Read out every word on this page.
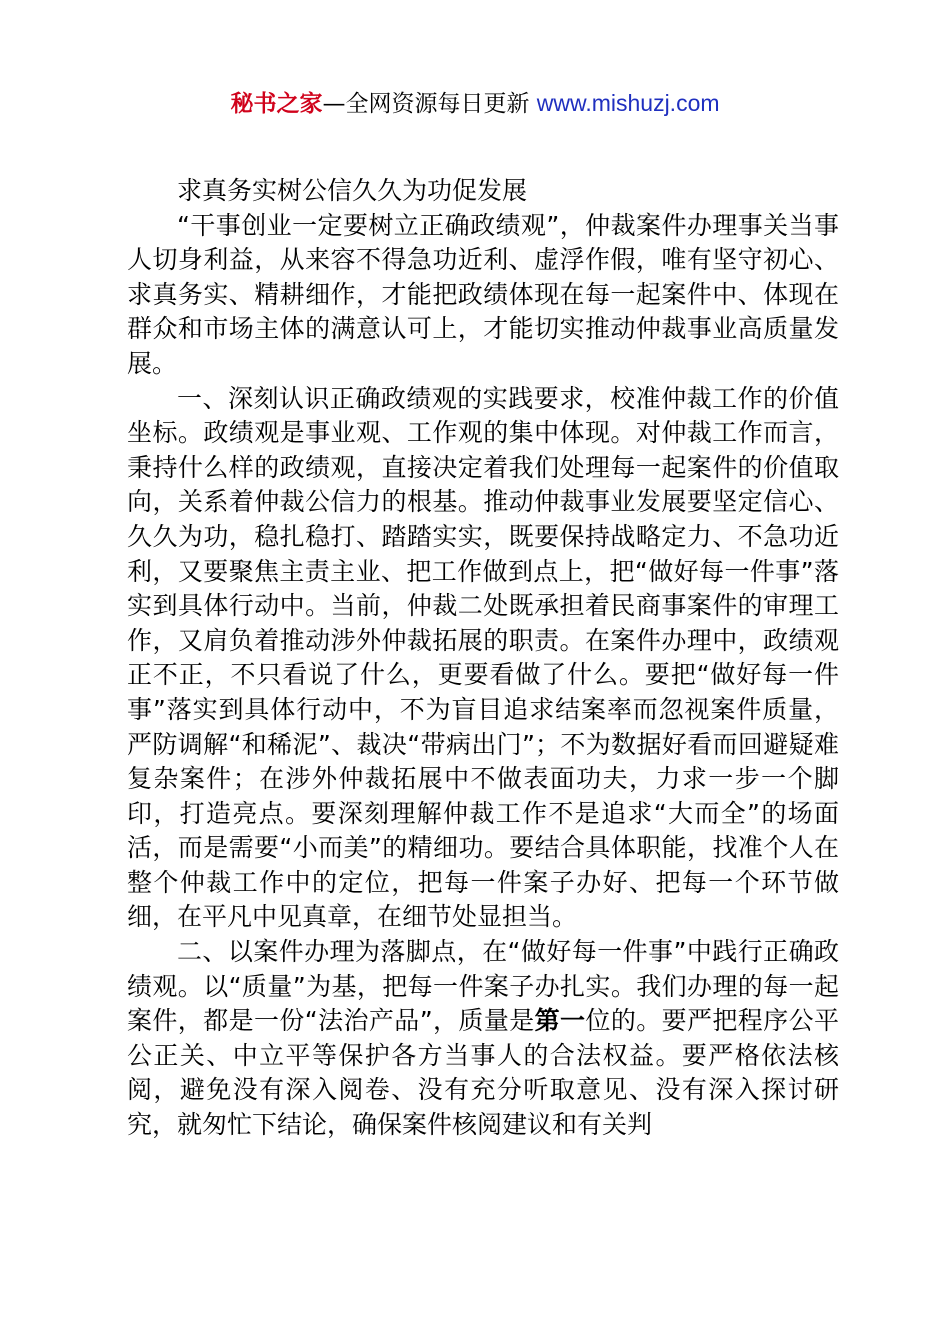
秘书之家—全网资源每日更新 www.mishuzj.com

求真务实树公信久久为功促发展

“干事创业一定要树立正确政绩观”，仲裁案件办理事关当事人切身利益，从来容不得急功近利、虚浮作假，唯有坚守初心、求真务实、精耕细作，才能把政绩体现在每一起案件中、体现在群众和市场主体的满意认可上，才能切实推动仲裁事业高质量发展。

一、深刻认识正确政绩观的实践要求，校准仲裁工作的价值坐标。政绩观是事业观、工作观的集中体现。对仲裁工作而言，秉持什么样的政绩观，直接决定着我们处理每一起案件的价值取向，关系着仲裁公信力的根基。推动仲裁事业发展要坚定信心、久久为功，稳扎稳打、踏踏实实，既要保持战略定力、不急功近利，又要聚焦主责主业、把工作做到点上，把“做好每一件事”落实到具体行动中。当前，仲裁二处既承担着民商事案件的审理工作，又肩负着推动涉外仲裁拓展的职责。在案件办理中，政绩观正不正，不只看说了什么，更要看做了什么。要把“做好每一件事”落实到具体行动中，不为盲目追求结案率而忽视案件质量，严防调解“和稀泥”、裁决“带病出门”；不为数据好看而回避疑难复杂案件；在涉外仲裁拓展中不做表面功夫，力求一步一个脚印，打造亮点。要深刻理解仲裁工作不是追求“大而全”的场面活，而是需要“小而美”的精细功。要结合具体职能，找准个人在整个仲裁工作中的定位，把每一件案子办好、把每一个环节做细，在平凡中见真章，在细节处显担当。

二、以案件办理为落脚点，在“做好每一件事”中践行正确政绩观。以“质量”为基，把每一件案子办扎实。我们办理的每一起案件，都是一份“法治产品”，质量是第一位的。要严把程序公平公正关、中立平等保护各方当事人的合法权益。要严格依法核阅，避免没有深入阅卷、没有充分听取意见、没有深入探讨研究，就匆忙下结论，确保案件核阅建议和有关判
